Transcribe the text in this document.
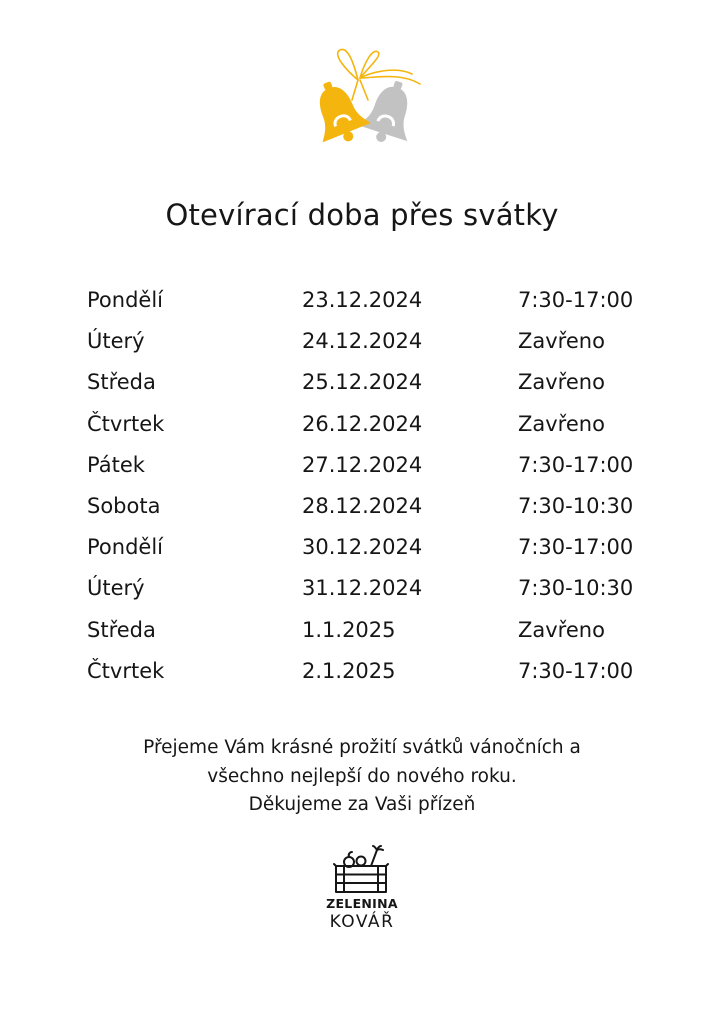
Otevírací doba přes svátky
Pondělí	23.12.2024	7:30-17:00
Úterý	24.12.2024	Zavřeno
Středa	25.12.2024	Zavřeno
Čtvrtek	26.12.2024	Zavřeno
Pátek	27.12.2024	7:30-17:00
Sobota	28.12.2024	7:30-10:30
Pondělí	30.12.2024	7:30-17:00
Úterý	31.12.2024	7:30-10:30
Středa	1.1.2025	Zavřeno
Čtvrtek	2.1.2025	7:30-17:00
Přejeme Vám krásné prožití svátků vánočních a
všechno nejlepší do nového roku.
Děkujeme za Vaši přízeň
ZELENINA
KOVÁŘ
